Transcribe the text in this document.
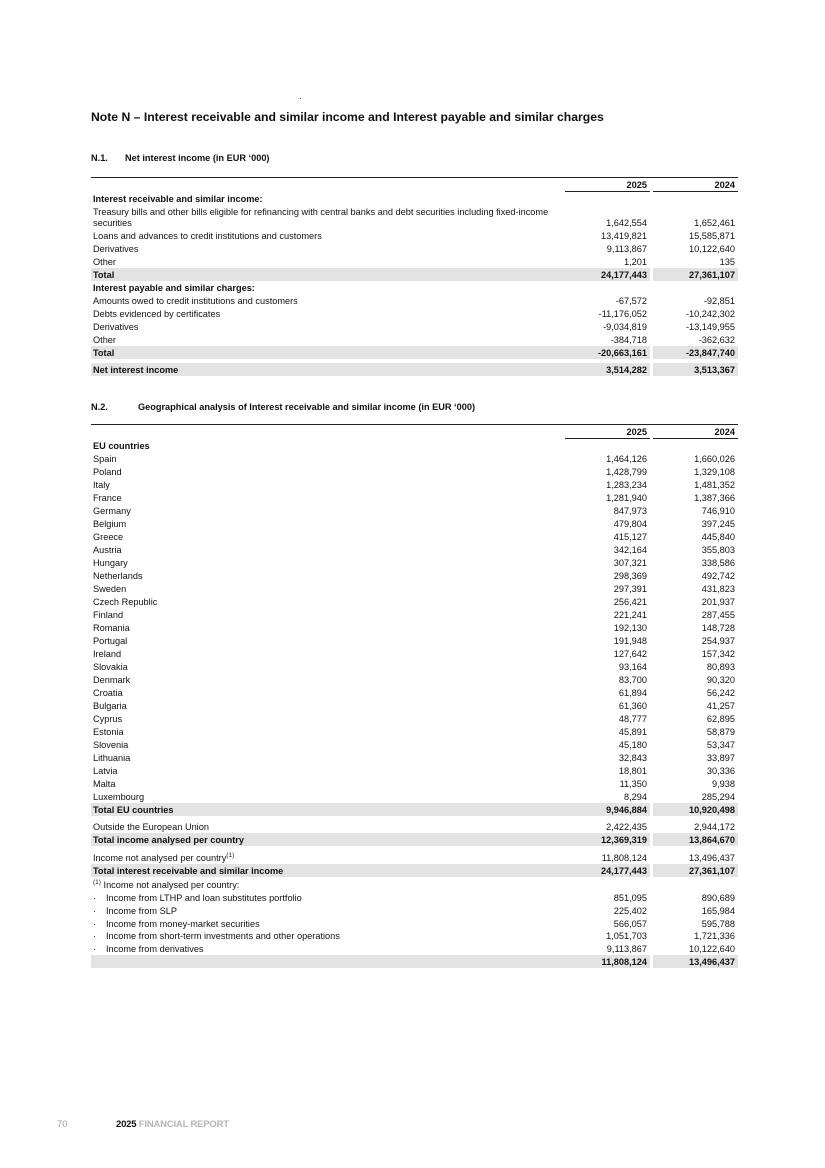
Note N – Interest receivable and similar income and Interest payable and similar charges
N.1. Net interest income (in EUR ‘000)
	2025		2024
Interest receivable and similar income:			
Treasury bills and other bills eligible for refinancing with central banks and debt securities including fixed-income securities	1,642,554		1,652,461
Loans and advances to credit institutions and customers	13,419,821		15,585,871
Derivatives	9,113,867		10,122,640
Other	1,201		135
Total	24,177,443		27,361,107
Interest payable and similar charges:			
Amounts owed to credit institutions and customers	-67,572		-92,851
Debts evidenced by certificates	-11,176,052		-10,242,302
Derivatives	-9,034,819		-13,149,955
Other	-384,718		-362,632
Total	-20,663,161		-23,847,740

Net interest income	3,514,282		3,513,367
N.2.	Geographical analysis of Interest receivable and similar income (in EUR ‘000)
	2025		2024
EU countries			
Spain	1,464,126		1,660,026
Poland	1,428,799		1,329,108
Italy	1,283,234		1,481,352
France	1,281,940		1,387,366
Germany	847,973		746,910
Belgium	479,804		397,245
Greece	415,127		445,840
Austria	342,164		355,803
Hungary	307,321		338,586
Netherlands	298,369		492,742
Sweden	297,391		431,823
Czech Republic	256,421		201,937
Finland	221,241		287,455
Romania	192,130		148,728
Portugal	191,948		254,937
Ireland	127,642		157,342
Slovakia	93,164		80,893
Denmark	83,700		90,320
Croatia	61,894		56,242
Bulgaria	61,360		41,257
Cyprus	48,777		62,895
Estonia	45,891		58,879
Slovenia	45,180		53,347
Lithuania	32,843		33,897
Latvia	18,801		30,336
Malta	11,350		9,938
Luxembourg	8,294		285,294
Total EU countries	9,946,884		10,920,498

Outside the European Union	2,422,435		2,944,172
Total income analysed per country	12,369,319		13,864,670

Income not analysed per country$^{(1)}$	11,808,124		13,496,437
Total interest receivable and similar income	24,177,443		27,361,107
$^{(1)}$ Income not analysed per country:			
· Income from LTHP and loan substitutes portfolio	851,095		890,689
· Income from SLP	225,402		165,984
· Income from money-market securities	566,057		595,788
· Income from short-term investments and other operations	1,051,703		1,721,336
· Income from derivatives	9,113,867		10,122,640
	11,808,124		13,496,437
70	2025 FINANCIAL REPORT
